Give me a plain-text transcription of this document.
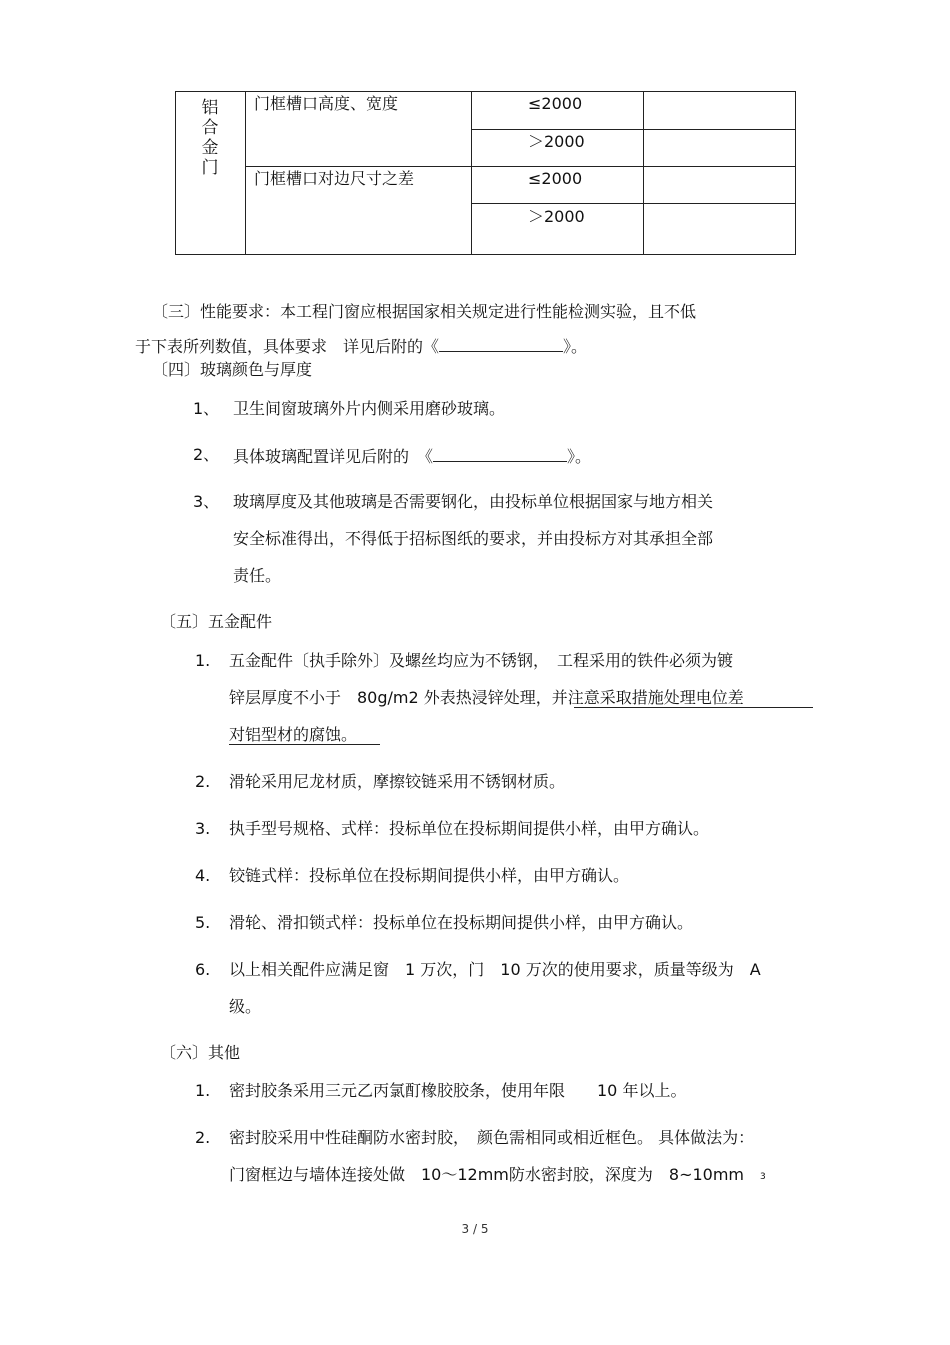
铝
合
金
门
门框槽口高度、宽度	≤2000
＞2000
门框槽口对边尺寸之差	≤2000
＞2000
〔三〕性能要求：本工程门窗应根据国家相关规定进行性能检测实验，且不低
于下表所列数值，具体要求　详见后附的《	》。
〔四〕玻璃颜色与厚度
1、 卫生间窗玻璃外片内侧采用磨砂玻璃。
2、 具体玻璃配置详见后附的　《	》。
3、 玻璃厚度及其他玻璃是否需要钢化，由投标单位根据国家与地方相关
安全标准得出，不得低于招标图纸的要求，并由投标方对其承担全部
责任。
〔五〕五金配件
1. 五金配件〔执手除外〕及螺丝均应为不锈钢，　工程采用的铁件必须为镀
锌层厚度不小于　80g/m2 外表热浸锌处理，并注意采取措施处理电位差
对铝型材的腐蚀。
2. 滑轮采用尼龙材质，摩擦铰链采用不锈钢材质。
3. 执手型号规格、式样：投标单位在投标期间提供小样，由甲方确认。
4. 铰链式样：投标单位在投标期间提供小样，由甲方确认。
5. 滑轮、滑扣锁式样：投标单位在投标期间提供小样，由甲方确认。
6. 以上相关配件应满足窗　1 万次，门　10 万次的使用要求，质量等级为　A
级。
〔六〕其他
1. 密封胶条采用三元乙丙氯酊橡胶胶条，使用年限　　10 年以上。
2. 密封胶采用中性硅酮防水密封胶，　颜色需相同或相近框色。 具体做法为：
门窗框边与墙体连接处做　10～12mm防水密封胶，深度为　8~10mm 3
3 / 5
